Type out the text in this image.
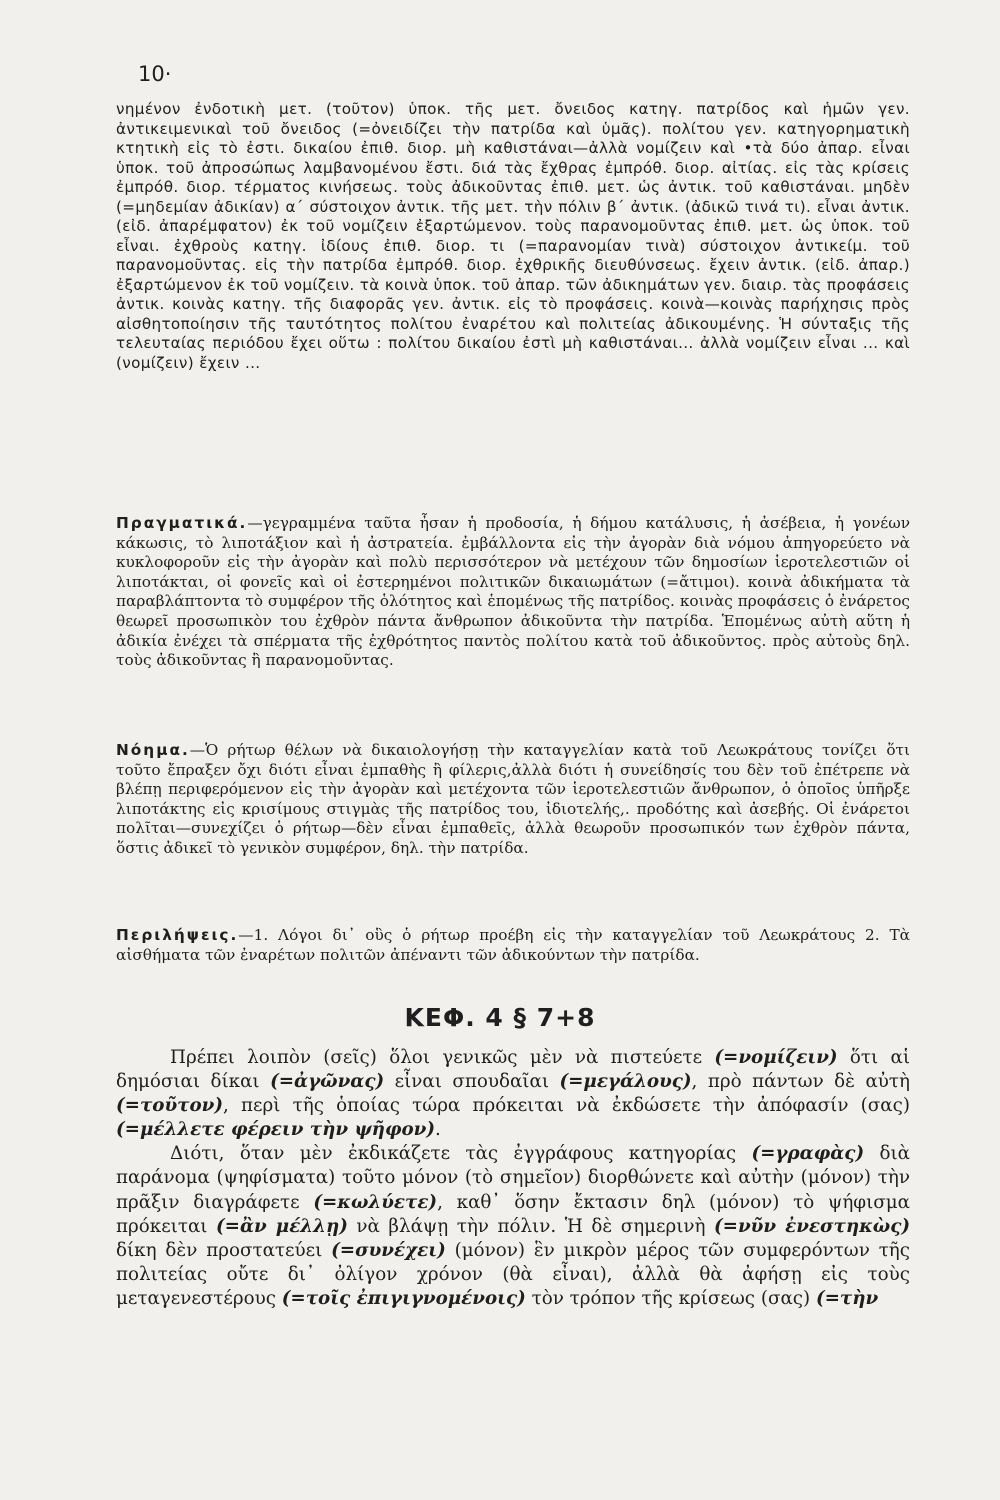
10·

νημένον ἐνδοτικὴ μετ. (τοῦτον) ὑποκ. τῆς μετ. ὄνειδος κατηγ. πατρίδος καὶ ἡμῶν γεν. ἀντικειμενικαὶ τοῦ ὄνειδος (=ὀνειδίζει τὴν πατρίδα καὶ ὑμᾶς). πολίτου γεν. κατηγορηματικὴ κτητικὴ εἰς τὸ ἐστι. δικαίου ἐπιθ. διορ. μὴ καθιστάναι—ἀλλὰ νομίζειν καὶ •τὰ δύο ἀπαρ. εἶναι ὑποκ. τοῦ ἀπροσώπως λαμβανομένου ἔστι. διά τὰς ἔχθρας ἐμπρόθ. διορ. αἰτίας. εἰς τὰς κρίσεις ἐμπρόθ. διορ. τέρματος κινήσεως. τοὺς ἀδικοῦντας ἐπιθ. μετ. ὡς ἀντικ. τοῦ καθιστάναι. μηδὲν (=μηδεμίαν ἀδικίαν) α΄ σύστοιχον ἀντικ. τῆς μετ. τὴν πόλιν β΄ ἀντικ. (ἀδικῶ τινά τι). εἶναι ἀντικ. (εἰδ. ἀπαρέμφατον) ἐκ τοῦ νομίζειν ἐξαρτώμενον. τοὺς παρανομοῦντας ἐπιθ. μετ. ὡς ὑποκ. τοῦ εἶναι. ἐχθροὺς κατηγ. ἰδίους ἐπιθ. διορ. τι (=παρανομίαν τινὰ) σύστοιχον ἀντικείμ. τοῦ παρανομοῦντας. εἰς τὴν πατρίδα ἐμπρόθ. διορ. ἐχθρικῆς διευθύνσεως. ἔχειν ἀντικ. (εἰδ. ἀπαρ.) ἐξαρτώμενον ἐκ τοῦ νομίζειν. τὰ κοινὰ ὑποκ. τοῦ ἀπαρ. τῶν ἀδικημάτων γεν. διαιρ. τὰς προφάσεις ἀντικ. κοινὰς κατηγ. τῆς διαφορᾶς γεν. ἀντικ. εἰς τὸ προφάσεις. κοινὰ—κοινὰς παρήχησις πρὸς αἰσθητοποίησιν τῆς ταυτότητος πολίτου ἐναρέτου καὶ πολιτείας ἀδικουμένης. Ἡ σύνταξις τῆς τελευταίας περιόδου ἔχει οὕτω : πολίτου δικαίου ἐστὶ μὴ καθιστάναι... ἀλλὰ νομίζειν εἶναι ... καὶ (νομίζειν) ἔχειν ...

Πραγματικά.—γεγραμμένα ταῦτα ἦσαν ἡ προδοσία, ἡ δήμου κατάλυσις, ἡ ἀσέβεια, ἡ γονέων κάκωσις, τὸ λιποτάξιον καὶ ἡ ἀστρατεία. ἐμβάλλοντα εἰς τὴν ἀγορὰν διὰ νόμου ἀπηγορεύετο νὰ κυκλοφοροῦν εἰς τὴν ἀγορὰν καὶ πολὺ περισσότερον νὰ μετέχουν τῶν δημοσίων ἱεροτελεστιῶν οἱ λιποτάκται, οἱ φονεῖς καὶ οἱ ἐστερημένοι πολιτικῶν δικαιωμάτων (=ἄτιμοι). κοινὰ ἀδικήματα τὰ παραβλάπτοντα τὸ συμφέρον τῆς ὁλότητος καὶ ἑπομένως τῆς πατρίδος. κοινὰς προφάσεις ὁ ἐνάρετος θεωρεῖ προσωπικὸν του ἐχθρὸν πάντα ἄνθρωπον ἀδικοῦντα τὴν πατρίδα. Ἑπομένως αὐτὴ αὕτη ἡ ἀδικία ἐνέχει τὰ σπέρματα τῆς ἐχθρότητος παντὸς πολίτου κατὰ τοῦ ἀδικοῦντος. πρὸς αὐτοὺς δηλ. τοὺς ἀδικοῦντας ἢ παρανομοῦντας.

Νόημα.—Ὁ ρήτωρ θέλων νὰ δικαιολογήσῃ τὴν καταγγελίαν κατὰ τοῦ Λεωκράτους τονίζει ὅτι τοῦτο ἔπραξεν ὄχι διότι εἶναι ἐμπαθὴς ἢ φίλερις,ἀλλὰ διότι ἡ συνείδησίς του δὲν τοῦ ἐπέτρεπε νὰ βλέπῃ περιφερόμενον εἰς τὴν ἀγορὰν καὶ μετέχοντα τῶν ἱεροτελεστιῶν ἄνθρωπον, ὁ ὁποῖος ὑπῆρξε λιποτάκτης εἰς κρισίμους στιγμὰς τῆς πατρίδος του, ἰδιοτελής,. προδότης καὶ ἀσεβής. Οἱ ἐνάρετοι πολῖται—συνεχίζει ὁ ρήτωρ—δὲν εἶναι ἐμπαθεῖς, ἀλλὰ θεωροῦν προσωπικόν των ἐχθρὸν πάντα, ὅστις ἀδικεῖ τὸ γενικὸν συμφέρον, δηλ. τὴν πατρίδα.

Περιλήψεις.—1. Λόγοι δι᾽ οὓς ὁ ρήτωρ προέβη εἰς τὴν καταγγελίαν τοῦ Λεωκράτους 2. Τὰ αἰσθήματα τῶν ἐναρέτων πολιτῶν ἀπέναντι τῶν ἀδικούντων τὴν πατρίδα.

ΚΕΦ. 4 § 7+8

Πρέπει λοιπὸν (σεῖς) ὅλοι γενικῶς μὲν νὰ πιστεύετε (=νομίζειν) ὅτι αἱ δημόσιαι δίκαι (=ἀγῶνας) εἶναι σπουδαῖαι (=μεγάλους), πρὸ πάντων δὲ αὐτὴ (=τοῦτον), περὶ τῆς ὁποίας τώρα πρόκειται νὰ ἐκδώσετε τὴν ἀπόφασίν (σας) (=μέλλετε φέρειν τὴν ψῆφον).

Διότι, ὅταν μὲν ἐκδικάζετε τὰς ἐγγράφους κατηγορίας (=γραφὰς) διὰ παράνομα (ψηφίσματα) τοῦτο μόνον (τὸ σημεῖον) διορθώνετε καὶ αὐτὴν (μόνον) τὴν πρᾶξιν διαγράφετε (=κωλύετε), καθ᾽ ὅσην ἔκτασιν δηλ (μόνον) τὸ ψήφισμα πρόκειται (=ἂν μέλλῃ) νὰ βλάψῃ τὴν πόλιν. Ἡ δὲ σημερινὴ (=νῦν ἐνεστηκὼς) δίκη δὲν προστατεύει (=συνέχει) (μόνον) ἓν μικρὸν μέρος τῶν συμφερόντων τῆς πολιτείας οὔτε δι᾽ ὀλίγον χρόνον (θὰ εἶναι), ἀλλὰ θὰ ἀφήσῃ εἰς τοὺς μεταγενεστέρους (=τοῖς ἐπιγιγνομένοις) τὸν τρόπον τῆς κρίσεως (σας) (=τὴν
